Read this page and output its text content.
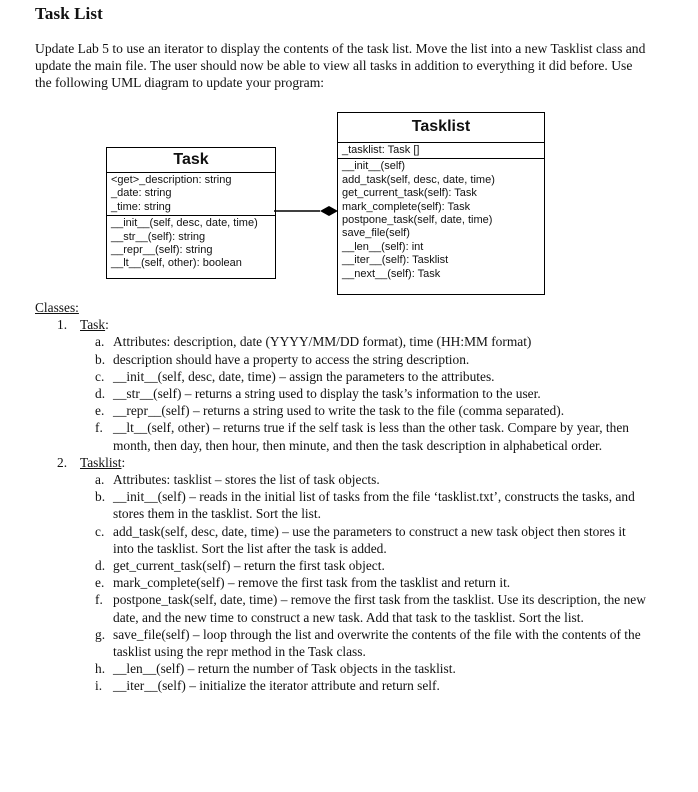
Task List
Update Lab 5 to use an iterator to display the contents of the task list. Move the list into a new Tasklist class and update the main file. The user should now be able to view all tasks in addition to everything it did before. Use the following UML diagram to update your program:
Task
<get>_description: string
_date: string
_time: string
__init__(self, desc, date, time)
__str__(self): string
__repr__(self): string
__lt__(self, other): boolean
Tasklist
_tasklist: Task []
__init__(self)
add_task(self, desc, date, time)
get_current_task(self): Task
mark_complete(self): Task
postpone_task(self, date, time)
save_file(self)
__len__(self): int
__iter__(self): Tasklist
__next__(self): Task
Classes:
1. Task:
a. Attributes: description, date (YYYY/MM/DD format), time (HH:MM format)
b. description should have a property to access the string description.
c. __init__(self, desc, date, time) – assign the parameters to the attributes.
d. __str__(self) – returns a string used to display the task’s information to the user.
e. __repr__(self) – returns a string used to write the task to the file (comma separated).
f. __lt__(self, other) – returns true if the self task is less than the other task. Compare by year, then month, then day, then hour, then minute, and then the task description in alphabetical order.
2. Tasklist:
a. Attributes: tasklist – stores the list of task objects.
b. __init__(self) – reads in the initial list of tasks from the file ‘tasklist.txt’, constructs the tasks, and stores them in the tasklist. Sort the list.
c. add_task(self, desc, date, time) – use the parameters to construct a new task object then stores it into the tasklist. Sort the list after the task is added.
d. get_current_task(self) – return the first task object.
e. mark_complete(self) – remove the first task from the tasklist and return it.
f. postpone_task(self, date, time) – remove the first task from the tasklist. Use its description, the new date, and the new time to construct a new task. Add that task to the tasklist. Sort the list.
g. save_file(self) – loop through the list and overwrite the contents of the file with the contents of the tasklist using the repr method in the Task class.
h. __len__(self) – return the number of Task objects in the tasklist.
i. __iter__(self) – initialize the iterator attribute and return self.
